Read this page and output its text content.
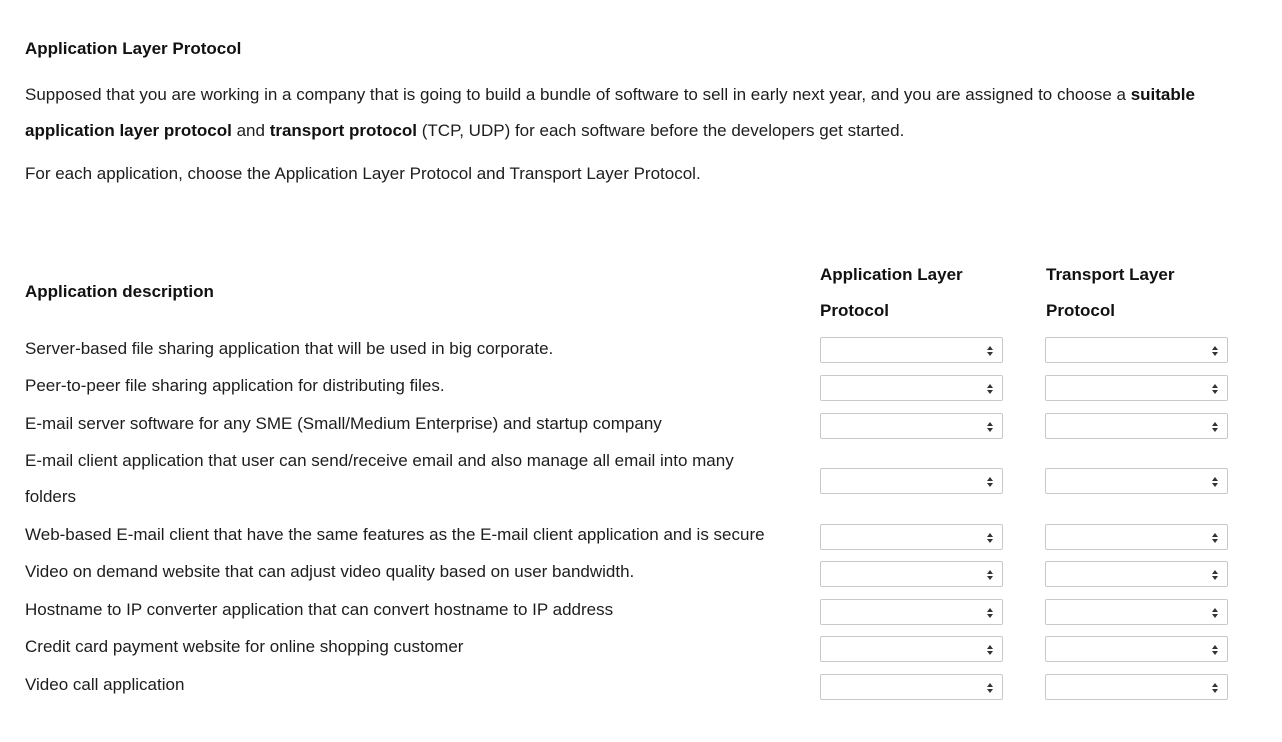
Application Layer Protocol

Supposed that you are working in a company that is going to build a bundle of software to sell in early next year, and you are assigned to choose a suitable application layer protocol and transport protocol (TCP, UDP) for each software before the developers get started.

For each application, choose the Application Layer Protocol and Transport Layer Protocol.

Application description
Application Layer Protocol
Transport Layer Protocol
Server-based file sharing application that will be used in big corporate.
Peer-to-peer file sharing application for distributing files.
E-mail server software for any SME (Small/Medium Enterprise) and startup company
E-mail client application that user can send/receive email and also manage all email into many folders
Web-based E-mail client that have the same features as the E-mail client application and is secure
Video on demand website that can adjust video quality based on user bandwidth.
Hostname to IP converter application that can convert hostname to IP address
Credit card payment website for online shopping customer
Video call application
